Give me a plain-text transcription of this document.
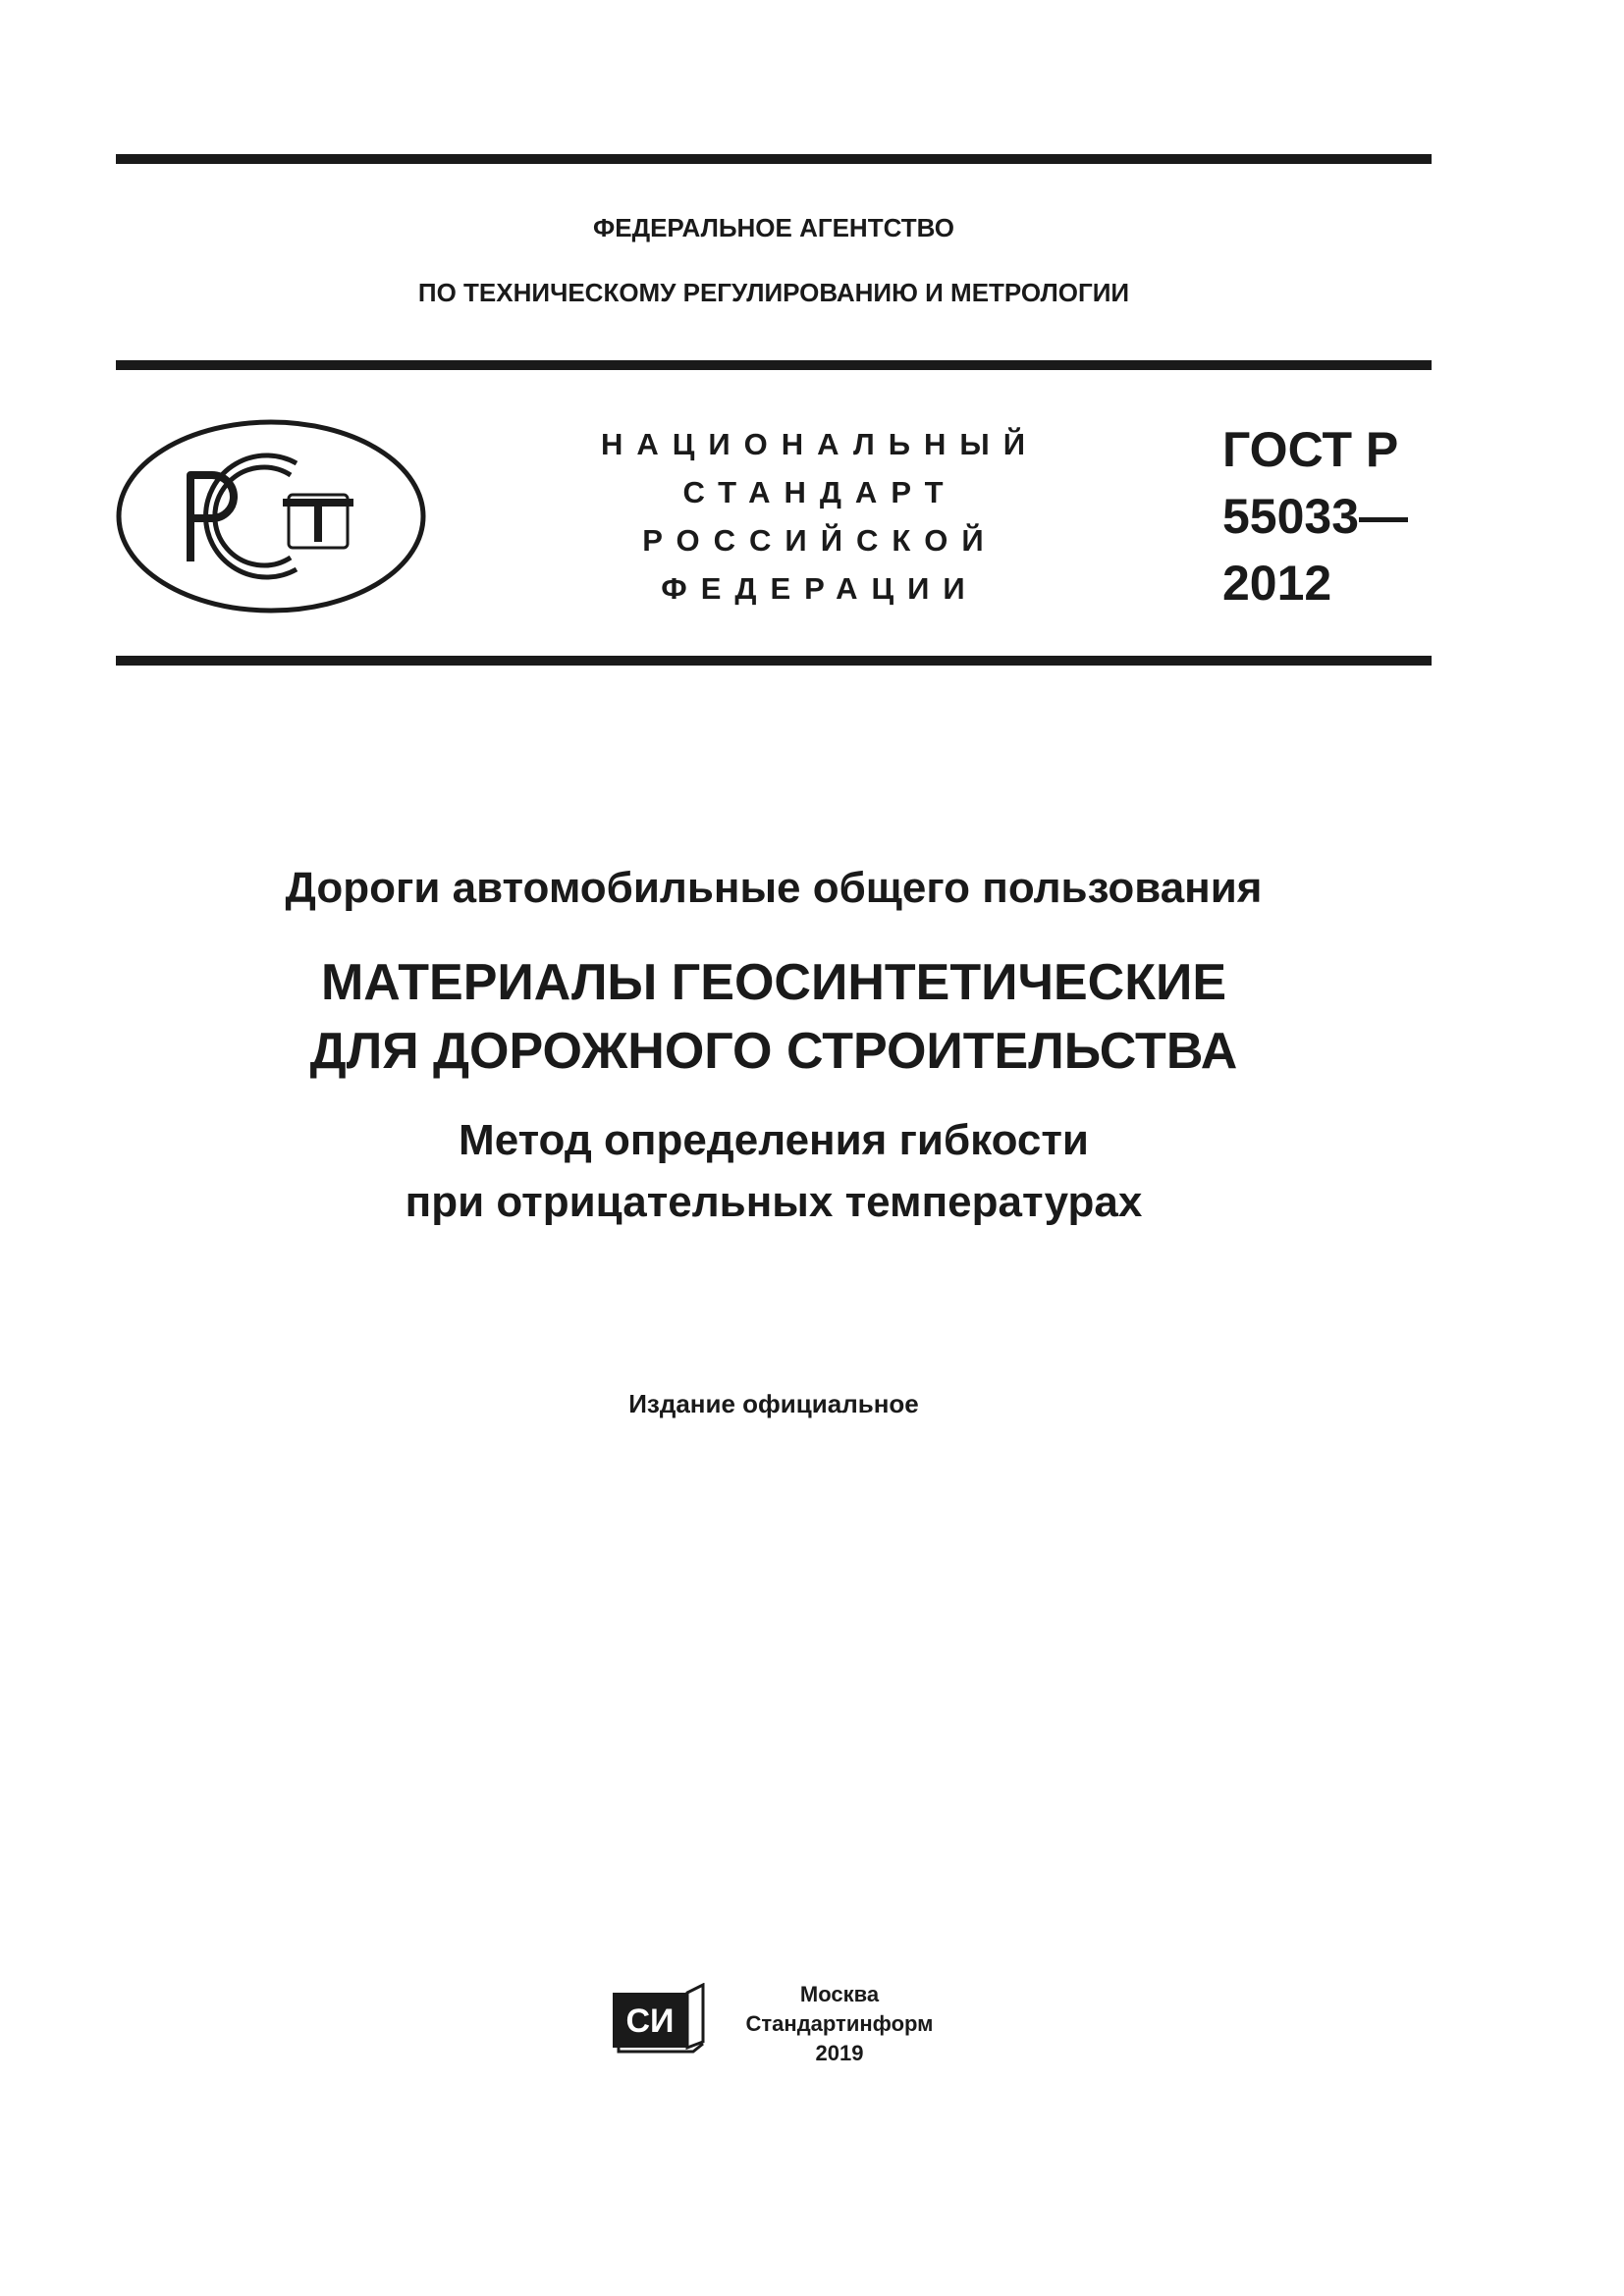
ФЕДЕРАЛЬНОЕ АГЕНТСТВО
ПО ТЕХНИЧЕСКОМУ РЕГУЛИРОВАНИЮ И МЕТРОЛОГИИ
НАЦИОНАЛЬНЫЙ
СТАНДАРТ
РОССИЙСКОЙ
ФЕДЕРАЦИИ
ГОСТ Р
55033—
2012
Дороги автомобильные общего пользования
МАТЕРИАЛЫ ГЕОСИНТЕТИЧЕСКИЕ
ДЛЯ ДОРОЖНОГО СТРОИТЕЛЬСТВА
Метод определения гибкости
при отрицательных температурах
Издание официальное
СИ
Москва
Стандартинформ
2019
